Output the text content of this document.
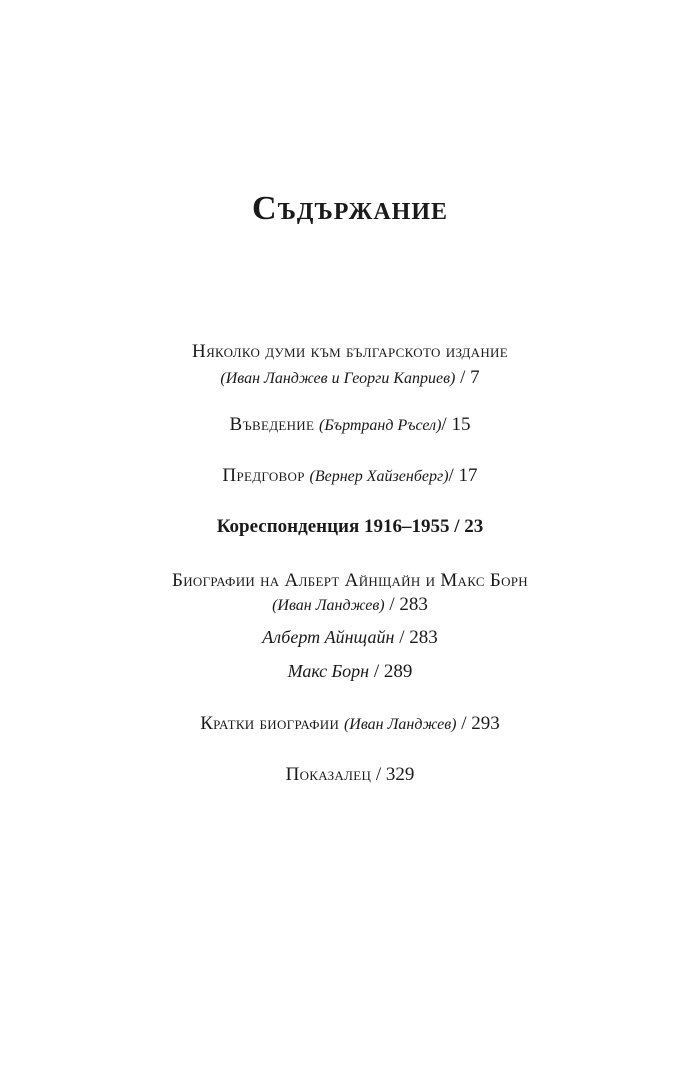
Съдържание
Няколко думи към българското издание
(Иван Ланджев и Георги Каприев) / 7
Въведение (Бъртранд Ръсел)/ 15
Предговор (Вернер Хайзенберг)/ 17
Кореспонденция 1916–1955 / 23
Биографии на Алберт Айнщайн и Макс Борн
(Иван Ланджев) / 283
Алберт Айнщайн / 283
Макс Борн / 289
Кратки биографии (Иван Ланджев) / 293
Показалец / 329
